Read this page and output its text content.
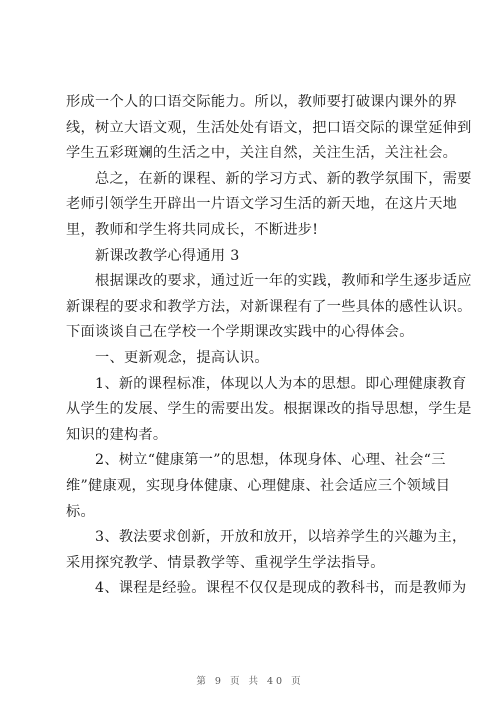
形成一个人的口语交际能力。所以，教师要打破课内课外的界
线，树立大语文观，生活处处有语文，把口语交际的课堂延伸到
学生五彩斑斓的生活之中，关注自然，关注生活，关注社会。
总之，在新的课程、新的学习方式、新的教学氛围下，需要
老师引领学生开辟出一片语文学习生活的新天地，在这片天地
里，教师和学生将共同成长，不断进步!
新课改教学心得通用 3
根据课改的要求，通过近一年的实践，教师和学生逐步适应
新课程的要求和教学方法，对新课程有了一些具体的感性认识。
下面谈谈自己在学校一个学期课改实践中的心得体会。
一、更新观念，提高认识。
1、新的课程标准，体现以人为本的思想。即心理健康教育
从学生的发展、学生的需要出发。根据课改的指导思想，学生是
知识的建构者。
2、树立“健康第一”的思想，体现身体、心理、社会“三
维”健康观，实现身体健康、心理健康、社会适应三个领域目
标。
3、教法要求创新，开放和放开，以培养学生的兴趣为主，
采用探究教学、情景教学等、重视学生学法指导。
4、课程是经验。课程不仅仅是现成的教科书，而是教师为
第 9 页 共 40 页
